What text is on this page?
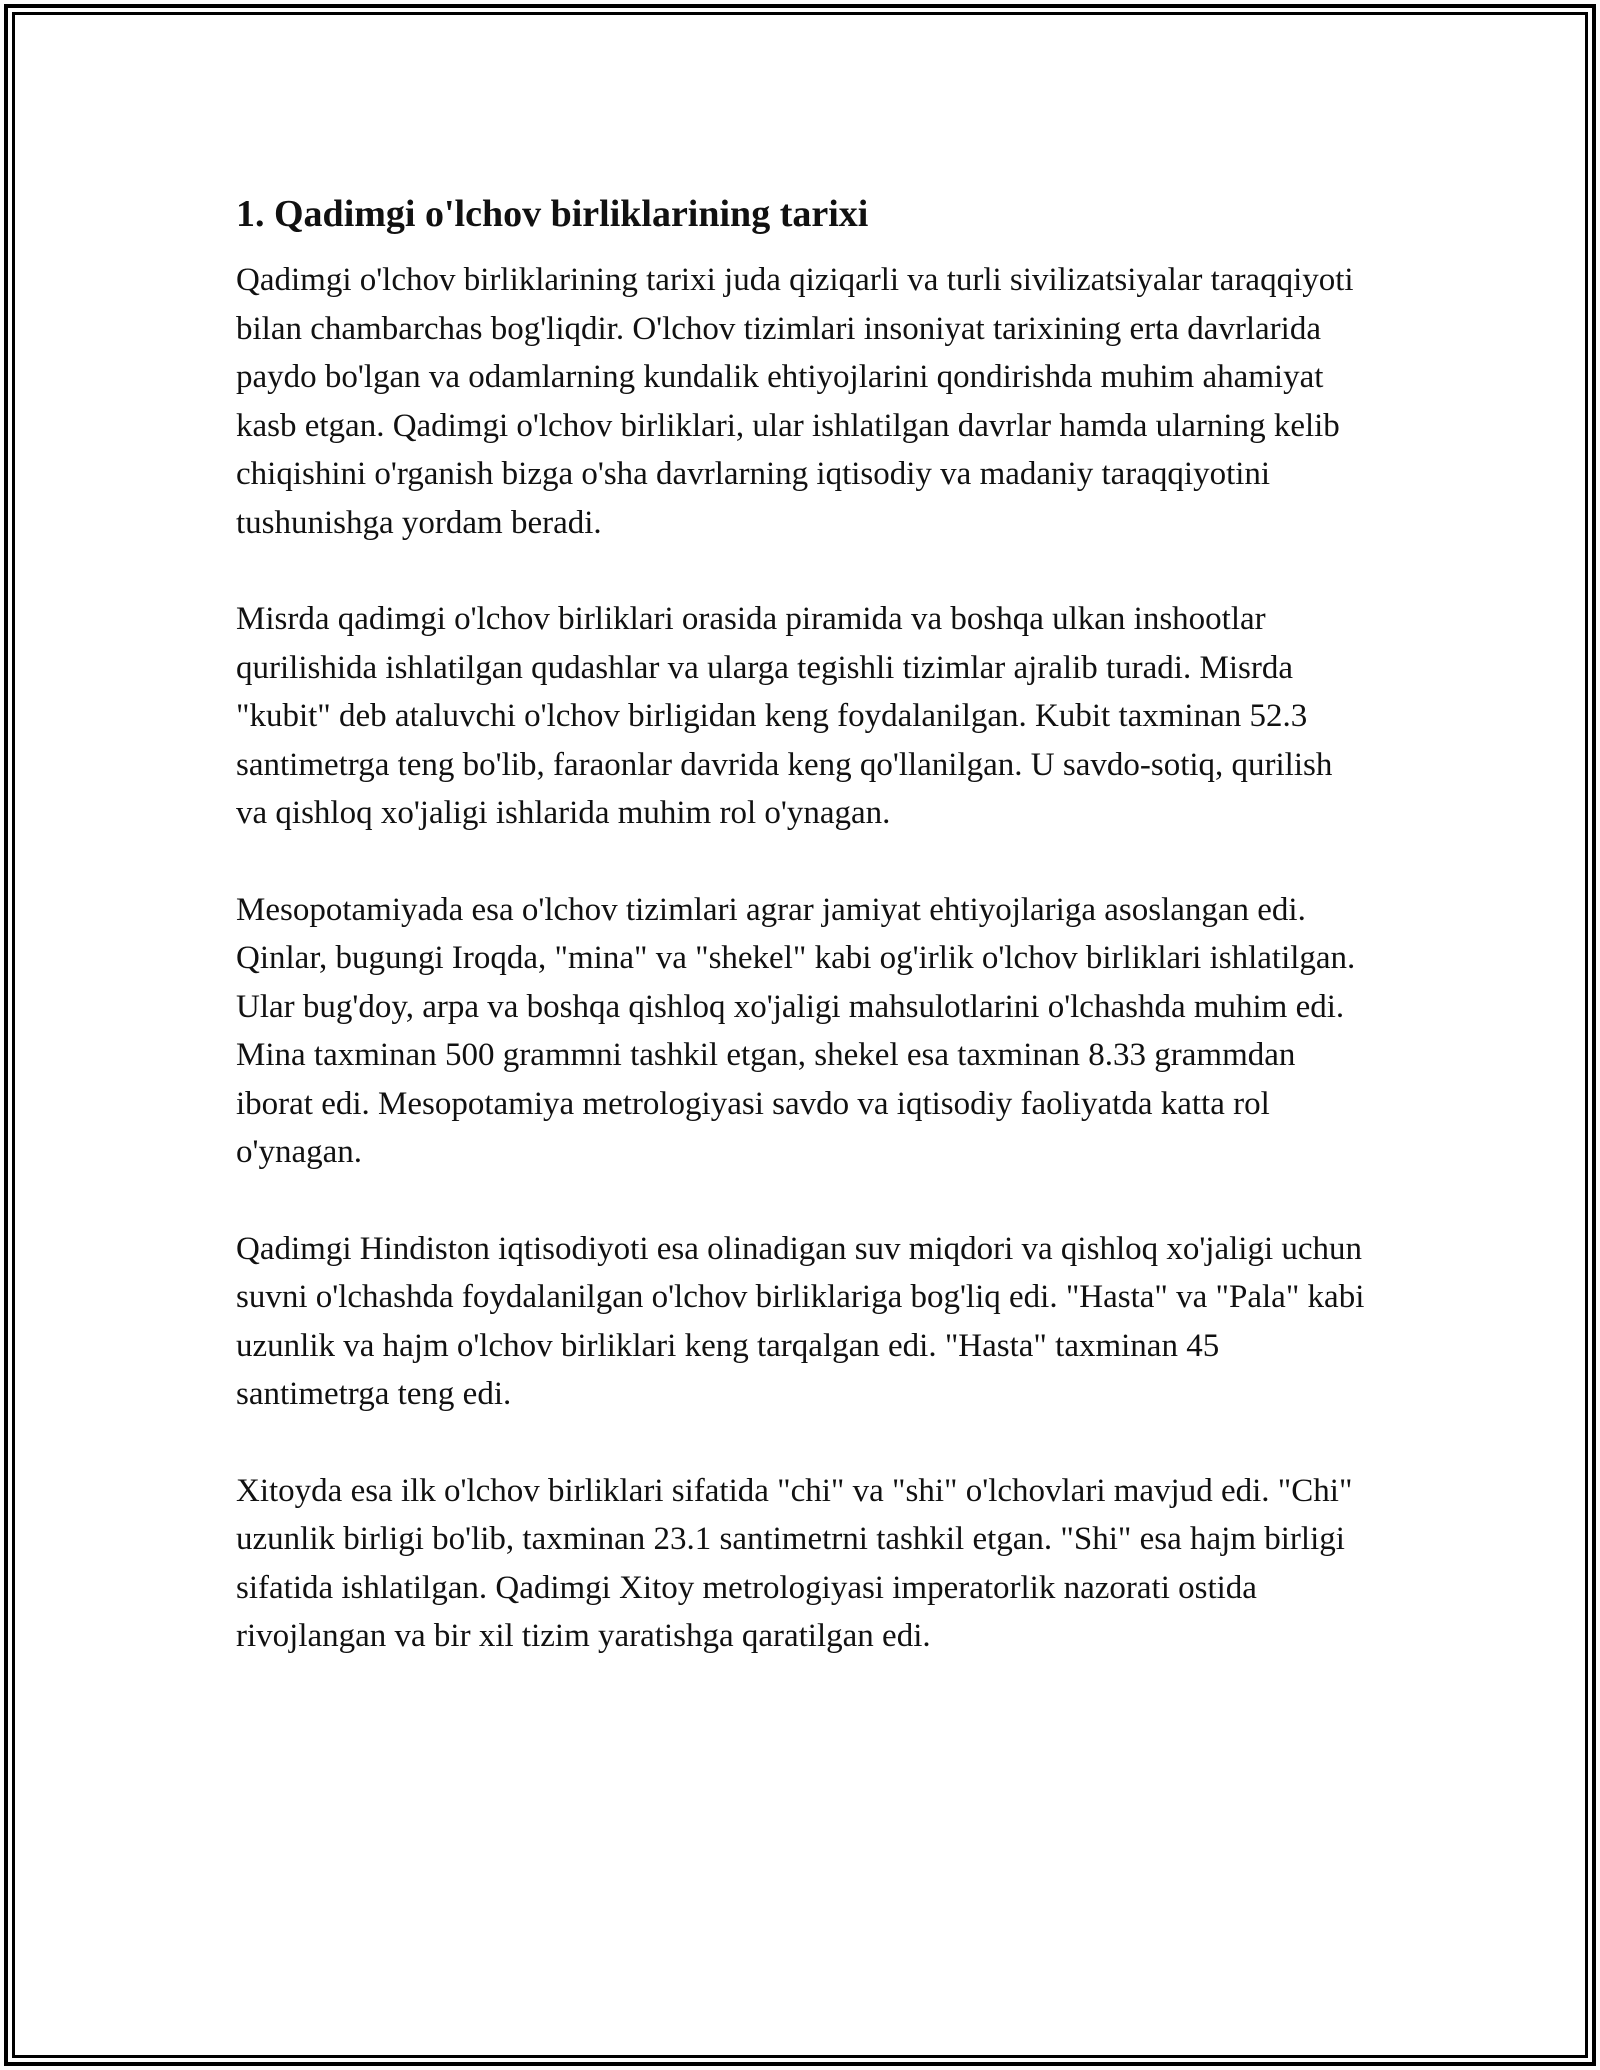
1. Qadimgi o'lchov birliklarining tarixi

Qadimgi o'lchov birliklarining tarixi juda qiziqarli va turli sivilizatsiyalar taraqqiyoti bilan chambarchas bog'liqdir. O'lchov tizimlari insoniyat tarixining erta davrlarida paydo bo'lgan va odamlarning kundalik ehtiyojlarini qondirishda muhim ahamiyat kasb etgan. Qadimgi o'lchov birliklari, ular ishlatilgan davrlar hamda ularning kelib chiqishini o'rganish bizga o'sha davrlarning iqtisodiy va madaniy taraqqiyotini tushunishga yordam beradi.

Misrda qadimgi o'lchov birliklari orasida piramida va boshqa ulkan inshootlar qurilishida ishlatilgan qudashlar va ularga tegishli tizimlar ajralib turadi. Misrda "kubit" deb ataluvchi o'lchov birligidan keng foydalanilgan. Kubit taxminan 52.3 santimetrga teng bo'lib, faraonlar davrida keng qo'llanilgan. U savdo-sotiq, qurilish va qishloq xo'jaligi ishlarida muhim rol o'ynagan.

Mesopotamiyada esa o'lchov tizimlari agrar jamiyat ehtiyojlariga asoslangan edi. Qinlar, bugungi Iroqda, "mina" va "shekel" kabi og'irlik o'lchov birliklari ishlatilgan. Ular bug'doy, arpa va boshqa qishloq xo'jaligi mahsulotlarini o'lchashda muhim edi. Mina taxminan 500 grammni tashkil etgan, shekel esa taxminan 8.33 grammdan iborat edi. Mesopotamiya metrologiyasi savdo va iqtisodiy faoliyatda katta rol o'ynagan.

Qadimgi Hindiston iqtisodiyoti esa olinadigan suv miqdori va qishloq xo'jaligi uchun suvni o'lchashda foydalanilgan o'lchov birliklariga bog'liq edi. "Hasta" va "Pala" kabi uzunlik va hajm o'lchov birliklari keng tarqalgan edi. "Hasta" taxminan 45 santimetrga teng edi.

Xitoyda esa ilk o'lchov birliklari sifatida "chi" va "shi" o'lchovlari mavjud edi. "Chi" uzunlik birligi bo'lib, taxminan 23.1 santimetrni tashkil etgan. "Shi" esa hajm birligi sifatida ishlatilgan. Qadimgi Xitoy metrologiyasi imperatorlik nazorati ostida rivojlangan va bir xil tizim yaratishga qaratilgan edi.
